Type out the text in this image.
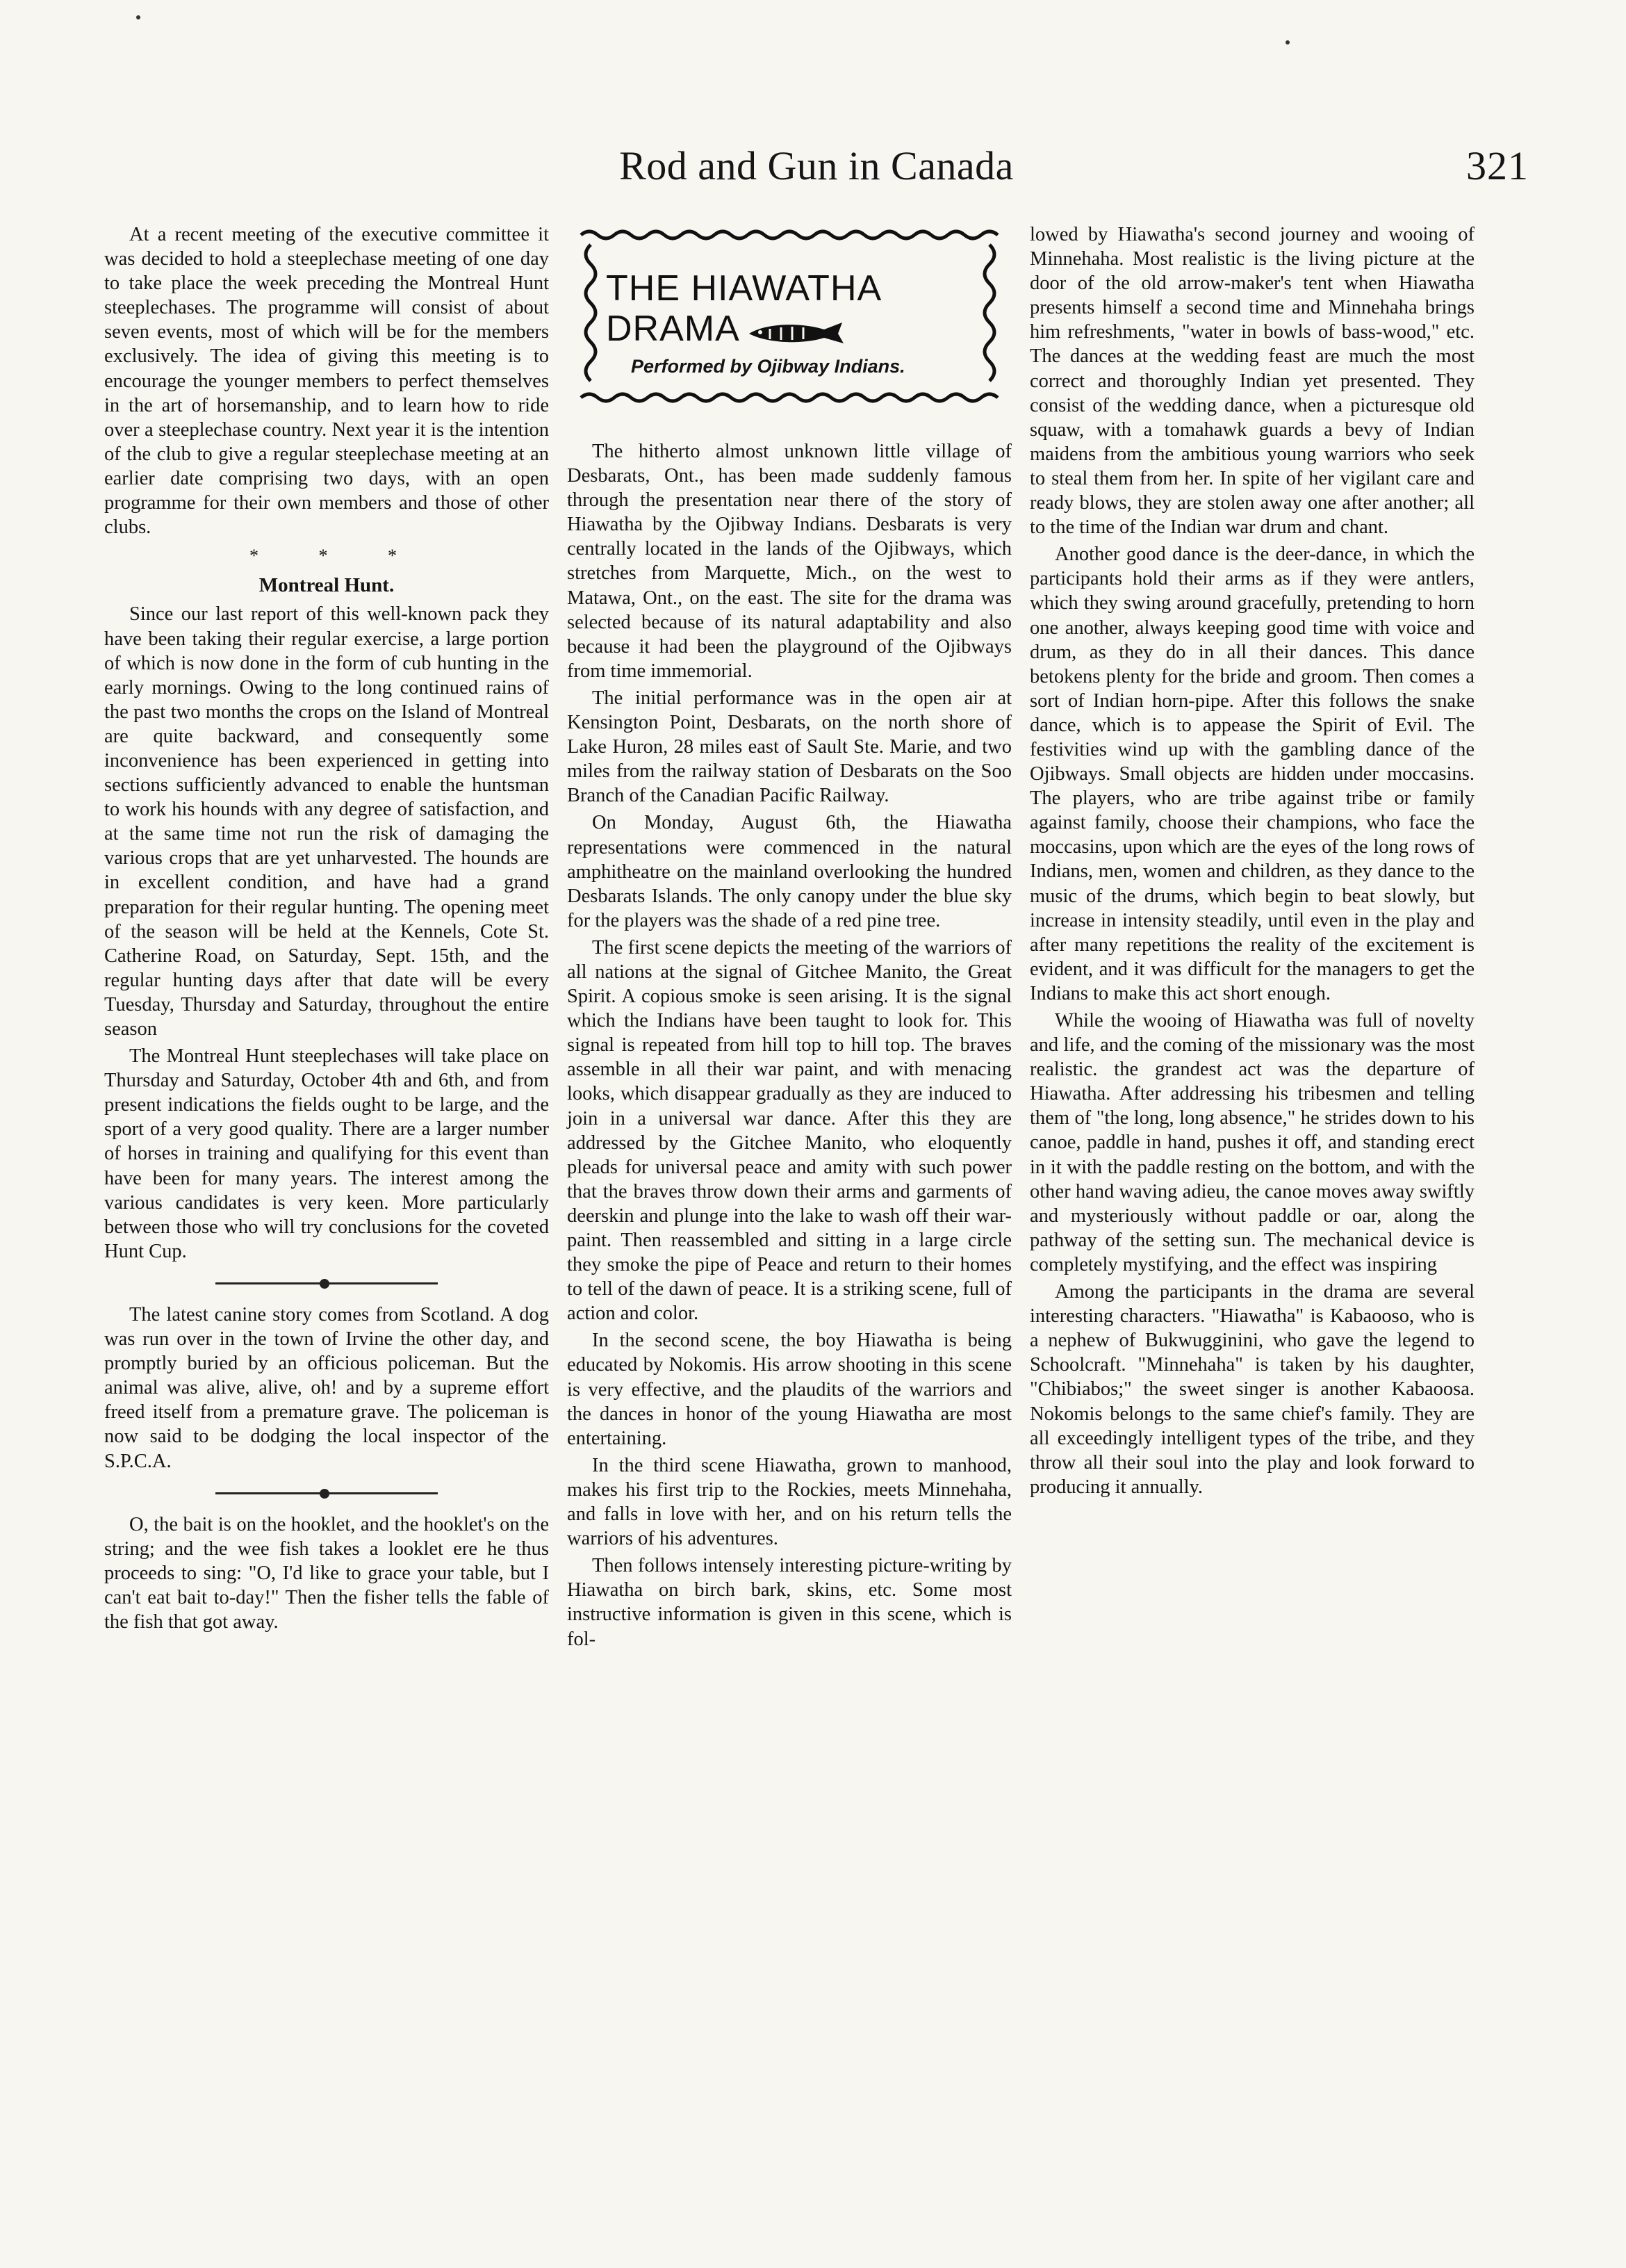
Rod and Gun in Canada	321

At a recent meeting of the executive committee it was decided to hold a steeplechase meeting of one day to take place the week preceding the Montreal Hunt steeplechases. The programme will consist of about seven events, most of which will be for the members exclusively. The idea of giving this meeting is to encourage the younger members to perfect themselves in the art of horsemanship, and to learn how to ride over a steeplechase country. Next year it is the intention of the club to give a regular steeplechase meeting at an earlier date comprising two days, with an open programme for their own members and those of other clubs.

* * *
Montreal Hunt.

Since our last report of this well-known pack they have been taking their regular exercise, a large portion of which is now done in the form of cub hunting in the early mornings. Owing to the long continued rains of the past two months the crops on the Island of Montreal are quite backward, and consequently some inconvenience has been experienced in getting into sections sufficiently advanced to enable the huntsman to work his hounds with any degree of satisfaction, and at the same time not run the risk of damaging the various crops that are yet unharvested. The hounds are in excellent condition, and have had a grand preparation for their regular hunting. The opening meet of the season will be held at the Kennels, Cote St. Catherine Road, on Saturday, Sept. 15th, and the regular hunting days after that date will be every Tuesday, Thursday and Saturday, throughout the entire season

The Montreal Hunt steeplechases will take place on Thursday and Saturday, October 4th and 6th, and from present indications the fields ought to be large, and the sport of a very good quality. There are a larger number of horses in training and qualifying for this event than have been for many years. The interest among the various candidates is very keen. More particularly between those who will try conclusions for the coveted Hunt Cup.

The latest canine story comes from Scotland. A dog was run over in the town of Irvine the other day, and promptly buried by an officious policeman. But the animal was alive, alive, oh! and by a supreme effort freed itself from a premature grave. The policeman is now said to be dodging the local inspector of the S.P.C.A.

O, the bait is on the hooklet, and the hooklet's on the string; and the wee fish takes a looklet ere he thus proceeds to sing: "O, I'd like to grace your table, but I can't eat bait to-day!" Then the fisher tells the fable of the fish that got away.

THE HIAWATHA
DRAMA
Performed by Ojibway Indians.

The hitherto almost unknown little village of Desbarats, Ont., has been made suddenly famous through the presentation near there of the story of Hiawatha by the Ojibway Indians. Desbarats is very centrally located in the lands of the Ojibways, which stretches from Marquette, Mich., on the west to Matawa, Ont., on the east. The site for the drama was selected because of its natural adaptability and also because it had been the playground of the Ojibways from time immemorial.

The initial performance was in the open air at Kensington Point, Desbarats, on the north shore of Lake Huron, 28 miles east of Sault Ste. Marie, and two miles from the railway station of Desbarats on the Soo Branch of the Canadian Pacific Railway.

On Monday, August 6th, the Hiawatha representations were commenced in the natural amphitheatre on the mainland overlooking the hundred Desbarats Islands. The only canopy under the blue sky for the players was the shade of a red pine tree.

The first scene depicts the meeting of the warriors of all nations at the signal of Gitchee Manito, the Great Spirit. A copious smoke is seen arising. It is the signal which the Indians have been taught to look for. This signal is repeated from hill top to hill top. The braves assemble in all their war paint, and with menacing looks, which disappear gradually as they are induced to join in a universal war dance. After this they are addressed by the Gitchee Manito, who eloquently pleads for universal peace and amity with such power that the braves throw down their arms and garments of deerskin and plunge into the lake to wash off their war-paint. Then reassembled and sitting in a large circle they smoke the pipe of Peace and return to their homes to tell of the dawn of peace. It is a striking scene, full of action and color.

In the second scene, the boy Hiawatha is being educated by Nokomis. His arrow shooting in this scene is very effective, and the plaudits of the warriors and the dances in honor of the young Hiawatha are most entertaining.

In the third scene Hiawatha, grown to manhood, makes his first trip to the Rockies, meets Minnehaha, and falls in love with her, and on his return tells the warriors of his adventures.

Then follows intensely interesting picture-writing by Hiawatha on birch bark, skins, etc. Some most instructive information is given in this scene, which is fol-

lowed by Hiawatha's second journey and wooing of Minnehaha. Most realistic is the living picture at the door of the old arrow-maker's tent when Hiawatha presents himself a second time and Minnehaha brings him refreshments, "water in bowls of bass-wood," etc. The dances at the wedding feast are much the most correct and thoroughly Indian yet presented. They consist of the wedding dance, when a picturesque old squaw, with a tomahawk guards a bevy of Indian maidens from the ambitious young warriors who seek to steal them from her. In spite of her vigilant care and ready blows, they are stolen away one after another; all to the time of the Indian war drum and chant.

Another good dance is the deer-dance, in which the participants hold their arms as if they were antlers, which they swing around gracefully, pretending to horn one another, always keeping good time with voice and drum, as they do in all their dances. This dance betokens plenty for the bride and groom. Then comes a sort of Indian horn-pipe. After this follows the snake dance, which is to appease the Spirit of Evil. The festivities wind up with the gambling dance of the Ojibways. Small objects are hidden under moccasins. The players, who are tribe against tribe or family against family, choose their champions, who face the moccasins, upon which are the eyes of the long rows of Indians, men, women and children, as they dance to the music of the drums, which begin to beat slowly, but increase in intensity steadily, until even in the play and after many repetitions the reality of the excitement is evident, and it was difficult for the managers to get the Indians to make this act short enough.

While the wooing of Hiawatha was full of novelty and life, and the coming of the missionary was the most realistic. the grandest act was the departure of Hiawatha. After addressing his tribesmen and telling them of "the long, long absence," he strides down to his canoe, paddle in hand, pushes it off, and standing erect in it with the paddle resting on the bottom, and with the other hand waving adieu, the canoe moves away swiftly and mysteriously without paddle or oar, along the pathway of the setting sun. The mechanical device is completely mystifying, and the effect was inspiring

Among the participants in the drama are several interesting characters. "Hiawatha" is Kabaooso, who is a nephew of Bukwugginini, who gave the legend to Schoolcraft. "Minnehaha" is taken by his daughter, "Chibiabos;" the sweet singer is another Kabaoosa. Nokomis belongs to the same chief's family. They are all exceedingly intelligent types of the tribe, and they throw all their soul into the play and look forward to producing it annually.
